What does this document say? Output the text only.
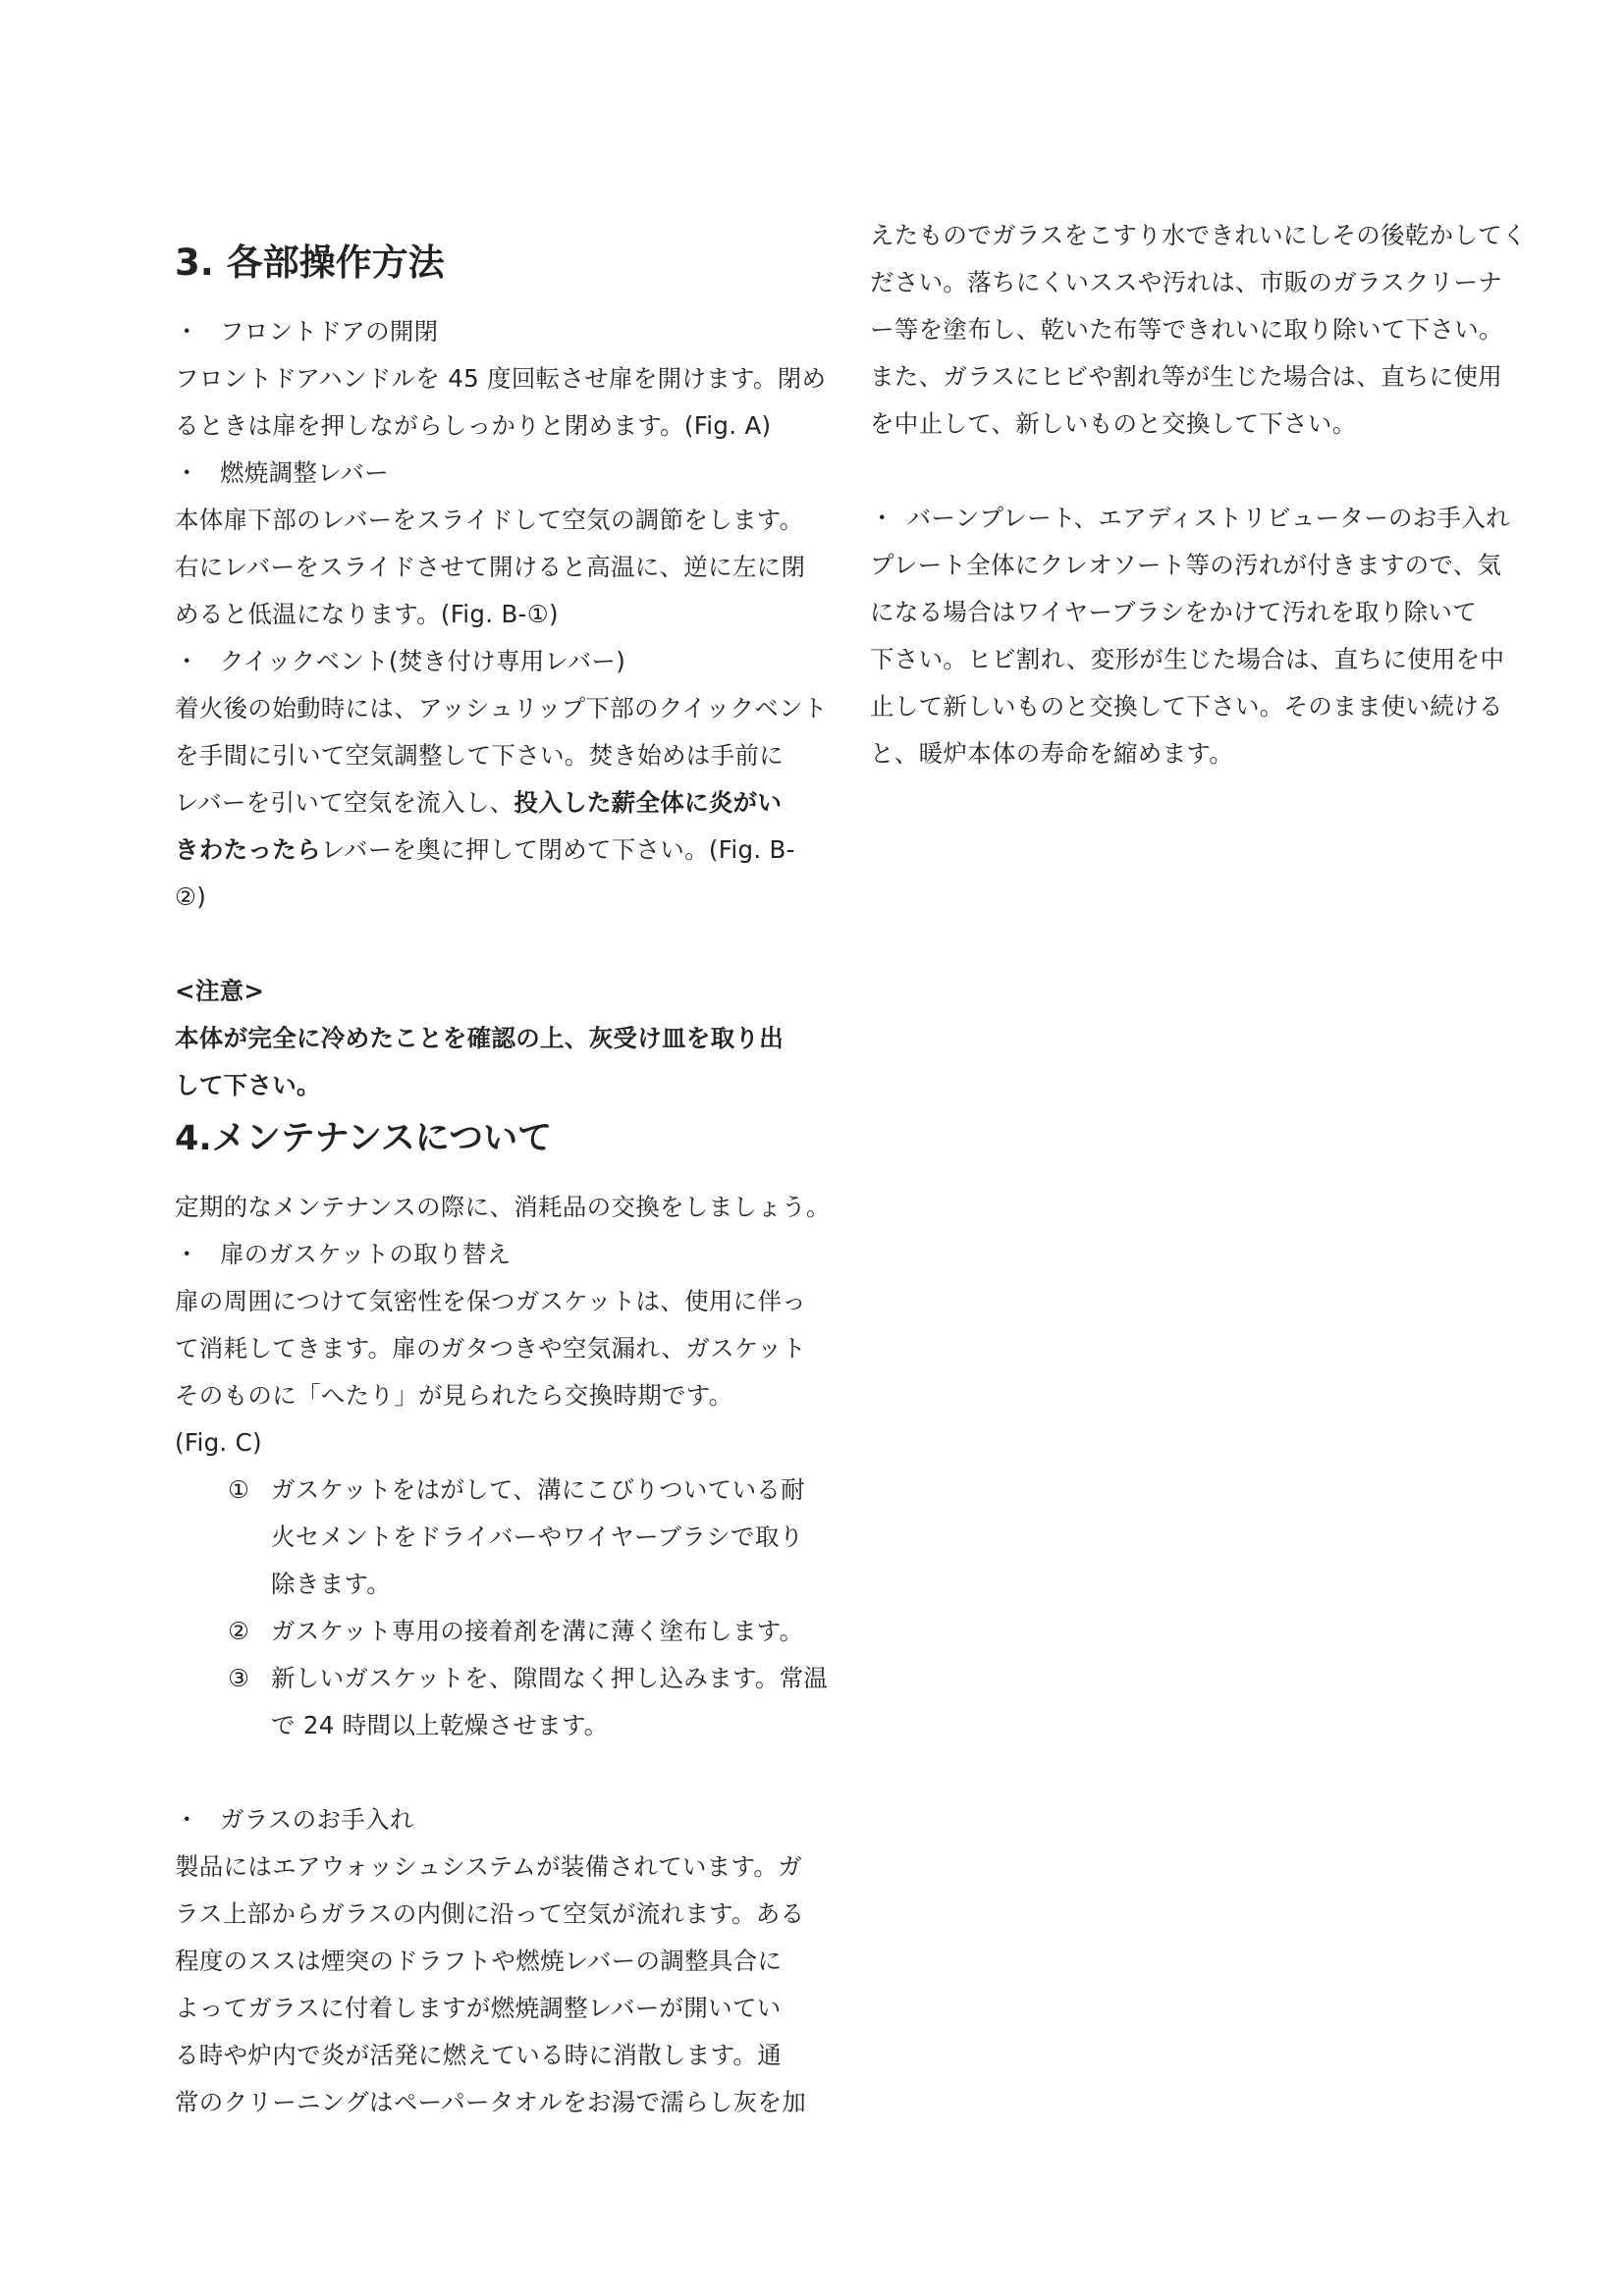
3. 各部操作方法
・ フロントドアの開閉
フロントドアハンドルを 45 度回転させ扉を開けます。閉め
るときは扉を押しながらしっかりと閉めます。(Fig. A)
・ 燃焼調整レバー
本体扉下部のレバーをスライドして空気の調節をします。
右にレバーをスライドさせて開けると高温に、逆に左に閉
めると低温になります。(Fig. B-①)
・ クイックベント(焚き付け専用レバー)
着火後の始動時には、アッシュリップ下部のクイックベント
を手間に引いて空気調整して下さい。焚き始めは手前に
レバーを引いて空気を流入し、投入した薪全体に炎がい
きわたったらレバーを奥に押して閉めて下さい。(Fig. B-
②)
<注意>
本体が完全に冷めたことを確認の上、灰受け皿を取り出
して下さい。
4.メンテナンスについて
定期的なメンテナンスの際に、消耗品の交換をしましょう。
・ 扉のガスケットの取り替え
扉の周囲につけて気密性を保つガスケットは、使用に伴っ
て消耗してきます。扉のガタつきや空気漏れ、ガスケット
そのものに「へたり」が見られたら交換時期です。
(Fig. C)
① ガスケットをはがして、溝にこびりついている耐
火セメントをドライバーやワイヤーブラシで取り
除きます。
② ガスケット専用の接着剤を溝に薄く塗布します。
③ 新しいガスケットを、隙間なく押し込みます。常温
で 24 時間以上乾燥させます。
・ ガラスのお手入れ
製品にはエアウォッシュシステムが装備されています。ガ
ラス上部からガラスの内側に沿って空気が流れます。ある
程度のススは煙突のドラフトや燃焼レバーの調整具合に
よってガラスに付着しますが燃焼調整レバーが開いてい
る時や炉内で炎が活発に燃えている時に消散します。通
常のクリーニングはペーパータオルをお湯で濡らし灰を加
えたものでガラスをこすり水できれいにしその後乾かしてく
ださい。落ちにくいススや汚れは、市販のガラスクリーナ
ー等を塗布し、乾いた布等できれいに取り除いて下さい。
また、ガラスにヒビや割れ等が生じた場合は、直ちに使用
を中止して、新しいものと交換して下さい。
・ バーンプレート、エアディストリビューターのお手入れ
プレート全体にクレオソート等の汚れが付きますので、気
になる場合はワイヤーブラシをかけて汚れを取り除いて
下さい。ヒビ割れ、変形が生じた場合は、直ちに使用を中
止して新しいものと交換して下さい。そのまま使い続ける
と、暖炉本体の寿命を縮めます。
